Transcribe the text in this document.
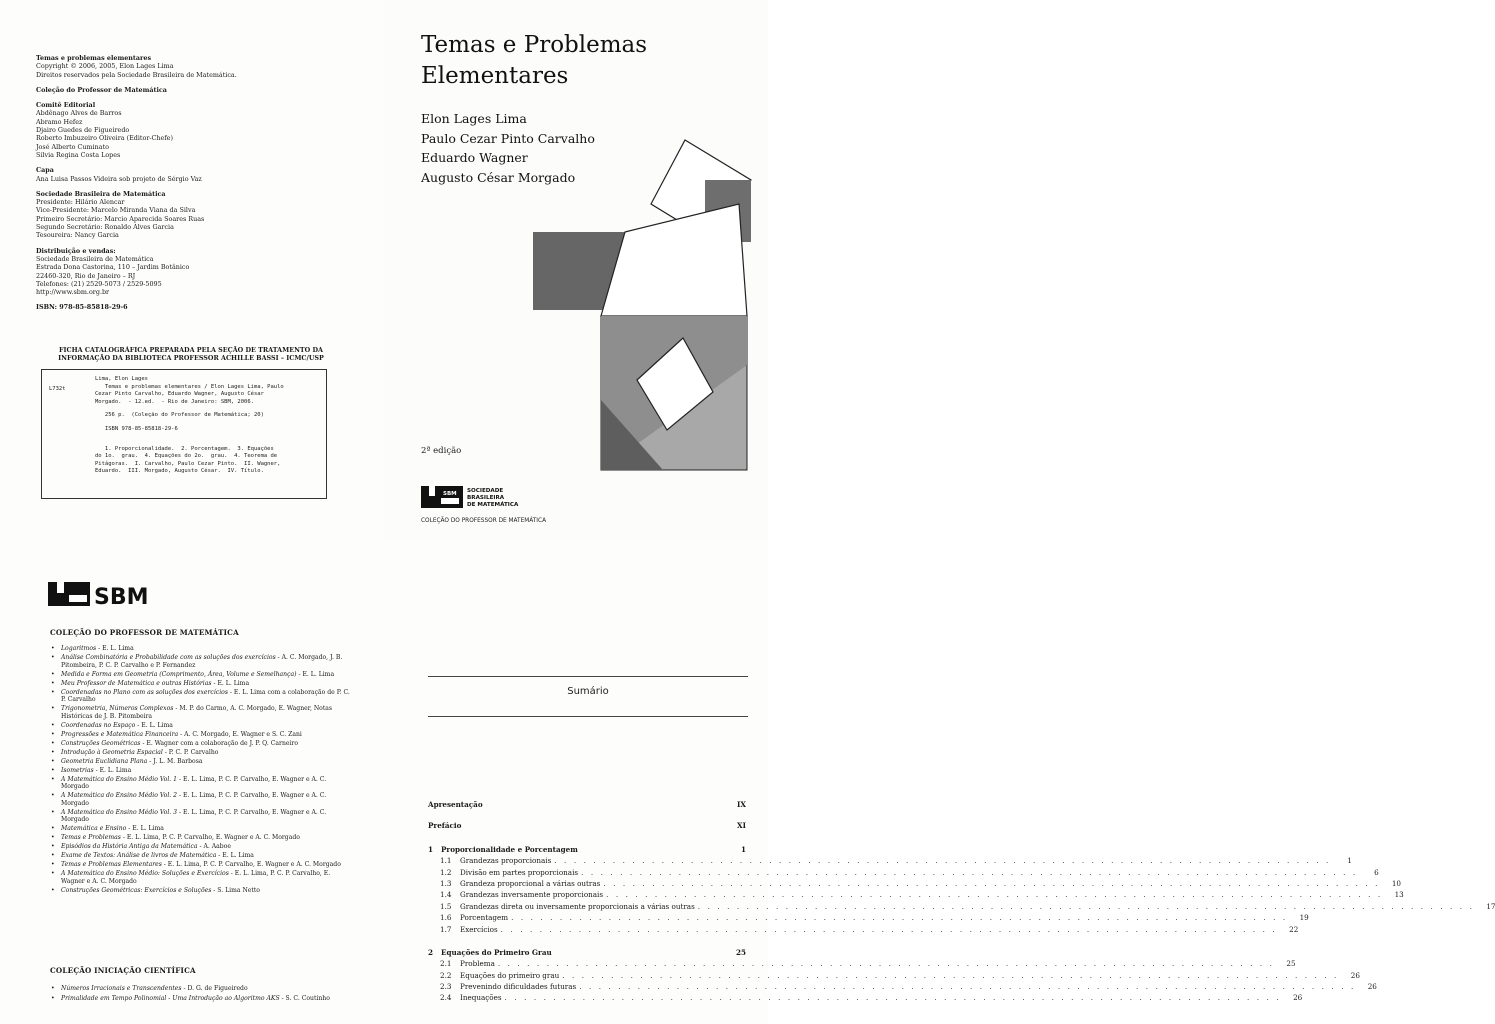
Temas e problemas elementares
Copyright © 2006, 2005, Elon Lages Lima
Direitos reservados pela Sociedade Brasileira de Matemática.
Coleção do Professor de Matemática
Comitê Editorial
Abdênago Alves de Barros
Abramo Hefez
Djairo Guedes de Figueiredo
Roberto Imbuzeiro Oliveira (Editor-Chefe)
José Alberto Cuminato
Silvia Regina Costa Lopes
Capa
Ana Luisa Passos Videira sob projeto de Sérgio Vaz
Sociedade Brasileira de Matemática
Presidente: Hilário Alencar
Vice-Presidente: Marcelo Miranda Viana da Silva
Primeiro Secretário: Marcio Aparecida Soares Ruas
Segundo Secretário: Ronaldo Alves Garcia
Tesoureira: Nancy Garcia
Distribuição e vendas:
Sociedade Brasileira de Matemática
Estrada Dona Castorina, 110 – Jardim Botânico
22460-320, Rio de Janeiro – RJ
Telefones: (21) 2529-5073 / 2529-5095
http://www.sbm.org.br
ISBN: 978-85-85818-29-6
FICHA CATALOGRÁFICA PREPARADA PELA SEÇÃO DE TRATAMENTO DA INFORMAÇÃO DA BIBLIOTECA PROFESSOR ACHILLE BASSI – ICMC/USP
L732t
Lima, Elon Lages
Temas e problemas elementares / Elon Lages Lima, Paulo
Cezar Pinto Carvalho, Eduardo Wagner, Augusto César
Morgado.  - 12.ed.  - Rio de Janeiro: SBM, 2006.
256 p.  (Coleção do Professor de Matemática; 20)
ISBN 978-85-85818-29-6
1. Proporcionalidade.  2. Porcentagem.  3. Equações
do 1o.  grau.  4. Equações do 2o.  grau.  4. Teorema de
Pitágoras.  I. Carvalho, Paulo Cezar Pinto.  II. Wagner,
Eduardo.  III. Morgado, Augusto César.  IV. Título.
Temas e Problemas
Elementares
Elon Lages Lima
Paulo Cezar Pinto Carvalho
Eduardo Wagner
Augusto César Morgado
2ª edição
SBM SOCIEDADE
BRASILEIRA
DE MATEMÁTICA
COLEÇÃO DO PROFESSOR DE MATEMÁTICA
SBM
COLEÇÃO DO PROFESSOR DE MATEMÁTICA
• Logaritmos - E. L. Lima
• Análise Combinatória e Probabilidade com as soluções dos exercícios - A. C. Morgado, J. B. Pitombeira, P. C. P. Carvalho e P. Fernandez
• Medida e Forma em Geometria (Comprimento, Área, Volume e Semelhança) - E. L. Lima
• Meu Professor de Matemática e outras Histórias - E. L. Lima
• Coordenadas no Plano com as soluções dos exercícios - E. L. Lima com a colaboração de P. C. P. Carvalho
• Trigonometria, Números Complexos - M. P. do Carmo, A. C. Morgado, E. Wagner, Notas Históricas de J. B. Pitombeira
• Coordenadas no Espaço - E. L. Lima
• Progressões e Matemática Financeira - A. C. Morgado, E. Wagner e S. C. Zani
• Construções Geométricas - E. Wagner com a colaboração de J. P. Q. Carneiro
• Introdução à Geometria Espacial - P. C. P. Carvalho
• Geometria Euclidiana Plana - J. L. M. Barbosa
• Isometrias - E. L. Lima
• A Matemática do Ensino Médio Vol. 1 - E. L. Lima, P. C. P. Carvalho, E. Wagner e A. C. Morgado
• A Matemática do Ensino Médio Vol. 2 - E. L. Lima, P. C. P. Carvalho, E. Wagner e A. C. Morgado
• A Matemática do Ensino Médio Vol. 3 - E. L. Lima, P. C. P. Carvalho, E. Wagner e A. C. Morgado
• Matemática e Ensino - E. L. Lima
• Temas e Problemas - E. L. Lima, P. C. P. Carvalho, E. Wagner e A. C. Morgado
• Episódios da História Antiga da Matemática - A. Aaboe
• Exame de Textos: Análise de livros de Matemática - E. L. Lima
• Temas e Problemas Elementares - E. L. Lima, P. C. P. Carvalho, E. Wagner e A. C. Morgado
• A Matemática do Ensino Médio: Soluções e Exercícios - E. L. Lima, P. C. P. Carvalho, E. Wagner e A. C. Morgado
• Construções Geométricas: Exercícios e Soluções - S. Lima Netto
COLEÇÃO INICIAÇÃO CIENTÍFICA
• Números Irracionais e Transcendentes - D. G. de Figueiredo
• Primalidade em Tempo Polinomial - Uma Introdução ao Algoritmo AKS - S. C. Coutinho
Sumário
Apresentação	IX
Prefácio	XI
1	Proporcionalidade e Porcentagem	1
1.1	Grandezas proporcionais . . . . . . . . . . . . . . . . . . . . . . . . . . . . . . . . . . . . . . . . . . . . . . . . . . . . . . . . . . . . . . . . . . . . . . . . . . . . . . . .	1
1.2	Divisão em partes proporcionais . . . . . . . . . . . . . . . . . . . . . . . . . . . . . . . . . . . . . . . . . . . . . . . . . . . . . . . . . . . . . . . . . . . . . . . . . . . . . . . .	6
1.3	Grandeza proporcional a várias outras . . . . . . . . . . . . . . . . . . . . . . . . . . . . . . . . . . . . . . . . . . . . . . . . . . . . . . . . . . . . . . . . . . . . . . . . . . . . . . . .	10
1.4	Grandezas inversamente proporcionais . . . . . . . . . . . . . . . . . . . . . . . . . . . . . . . . . . . . . . . . . . . . . . . . . . . . . . . . . . . . . . . . . . . . . . . . . . . . . . . .	13
1.5	Grandezas direta ou inversamente proporcionais a várias outras . . . . . . . . . . . . . . . . . . . . . . . . . . . . . . . . . . . . . . . . . . . . . . . . . . . . . . . . . . . . . . . . . . . . . . . . . . . . . . . .	17
1.6	Porcentagem . . . . . . . . . . . . . . . . . . . . . . . . . . . . . . . . . . . . . . . . . . . . . . . . . . . . . . . . . . . . . . . . . . . . . . . . . . . . . . . .	19
1.7	Exercícios . . . . . . . . . . . . . . . . . . . . . . . . . . . . . . . . . . . . . . . . . . . . . . . . . . . . . . . . . . . . . . . . . . . . . . . . . . . . . . . .	22
2	Equações do Primeiro Grau	25
2.1	Problema . . . . . . . . . . . . . . . . . . . . . . . . . . . . . . . . . . . . . . . . . . . . . . . . . . . . . . . . . . . . . . . . . . . . . . . . . . . . . . . .	25
2.2	Equações do primeiro grau . . . . . . . . . . . . . . . . . . . . . . . . . . . . . . . . . . . . . . . . . . . . . . . . . . . . . . . . . . . . . . . . . . . . . . . . . . . . . . . .	26
2.3	Prevenindo dificuldades futuras . . . . . . . . . . . . . . . . . . . . . . . . . . . . . . . . . . . . . . . . . . . . . . . . . . . . . . . . . . . . . . . . . . . . . . . . . . . . . . . .	26
2.4	Inequações . . . . . . . . . . . . . . . . . . . . . . . . . . . . . . . . . . . . . . . . . . . . . . . . . . . . . . . . . . . . . . . . . . . . . . . . . . . . . . . .	26
